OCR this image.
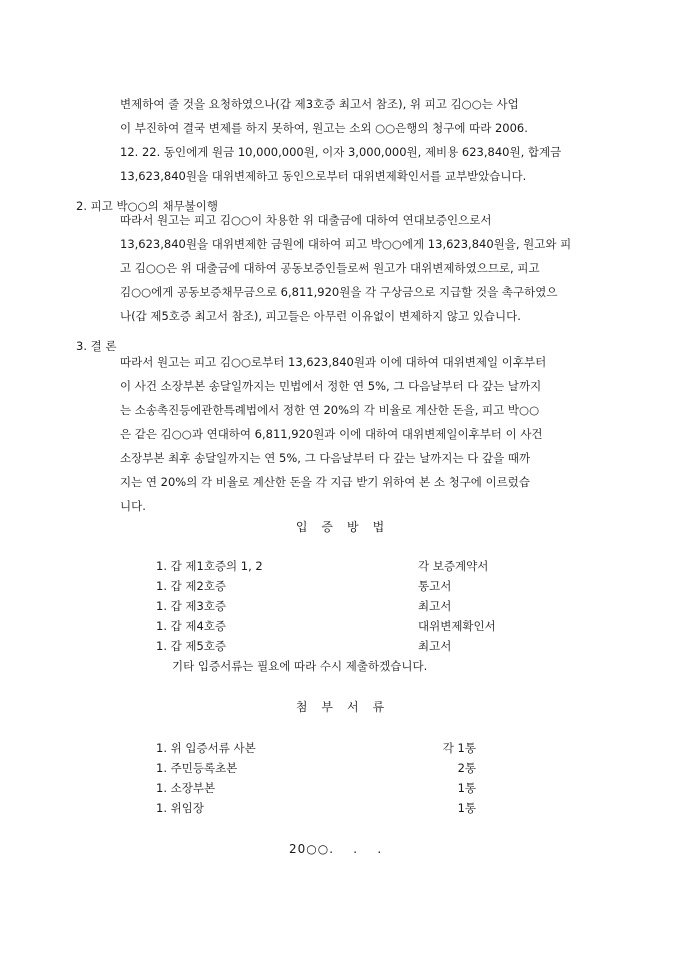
변제하여 줄 것을 요청하였으나(갑 제3호증 최고서 참조), 위 피고 김○○는 사업
이 부진하여 결국 변제를 하지 못하여, 원고는 소외 ○○은행의 청구에 따라 2006.
12. 22. 동인에게 원금 10,000,000원, 이자 3,000,000원, 제비용 623,840원, 합계금
13,623,840원을 대위변제하고 동인으로부터 대위변제확인서를 교부받았습니다.

2. 피고 박○○의 채무불이행

따라서 원고는 피고 김○○이 차용한 위 대출금에 대하여 연대보증인으로서
13,623,840원을 대위변제한 금원에 대하여 피고 박○○에게 13,623,840원을, 원고와 피
고 김○○은 위 대출금에 대하여 공동보증인들로써 원고가 대위변제하였으므로, 피고
김○○에게 공동보증채무금으로 6,811,920원을 각 구상금으로 지급할 것을 촉구하였으
나(갑 제5호증 최고서 참조), 피고들은 아무런 이유없이 변제하지 않고 있습니다.

3. 결 론

따라서 원고는 피고 김○○로부터 13,623,840원과 이에 대하여 대위변제일 이후부터
이 사건 소장부본 송달일까지는 민법에서 정한 연 5%, 그 다음날부터 다 갚는 날까지
는 소송촉진등에관한특례법에서 정한 연 20%의 각 비율로 계산한 돈을, 피고 박○○
은 같은 김○○과 연대하여 6,811,920원과 이에 대하여 대위변제일이후부터 이 사건
소장부본 최후 송달일까지는 연 5%, 그 다음날부터 다 갚는 날까지는 다 갚을 때까
지는 연 20%의 각 비율로 계산한 돈을 각 지급 받기 위하여 본 소 청구에 이르렀습
니다.

입증방법
1. 갑 제1호증의 1, 2	각 보증계약서
1. 갑 제2호증	통고서
1. 갑 제3호증	최고서
1. 갑 제4호증	대위변제확인서
1. 갑 제5호증	최고서
기타 입증서류는 필요에 따라 수시 제출하겠습니다.
첨부서류
1. 위 입증서류 사본	각 1통
1. 주민등록초본	2통
1. 소장부본	1통
1. 위임장	1통
20○○.    .    .
